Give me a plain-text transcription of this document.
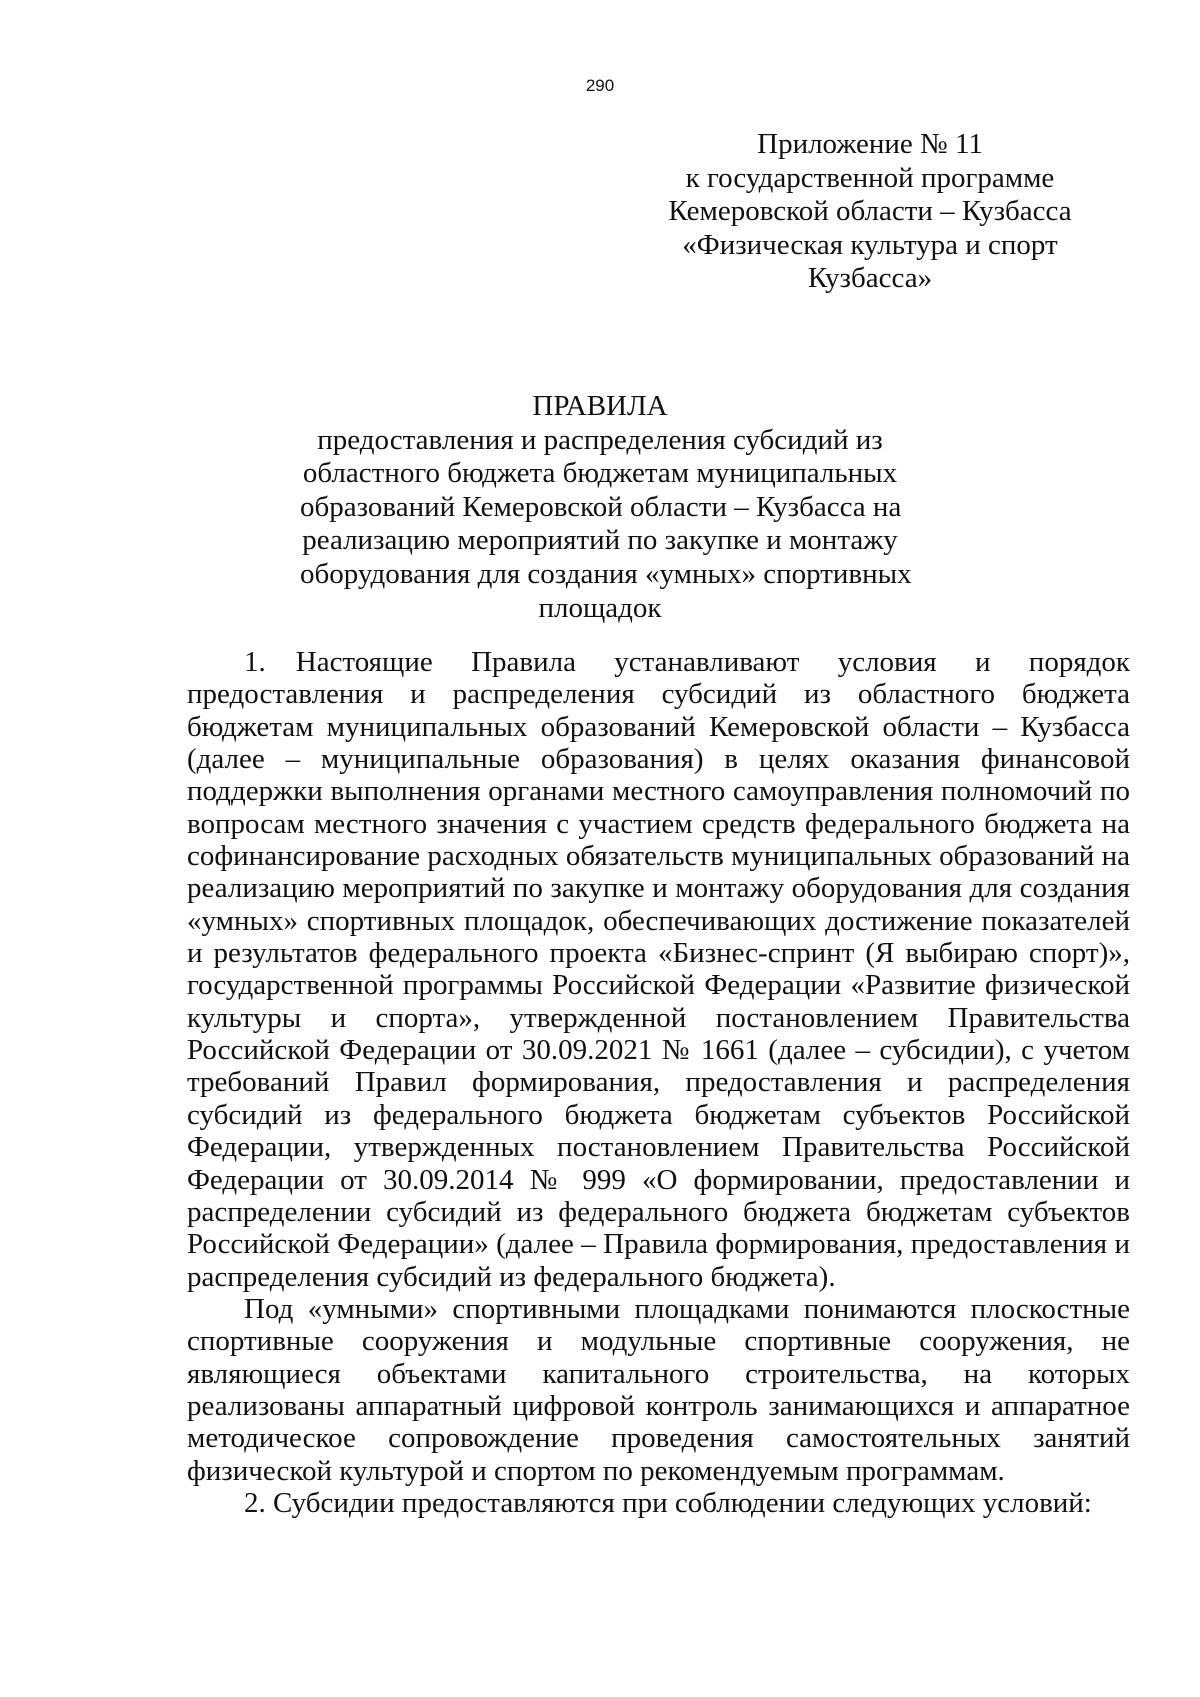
290
Приложение № 11
к государственной программе
Кемеровской области – Кузбасса
«Физическая культура и спорт
Кузбасса»
ПРАВИЛА
предоставления и распределения субсидий из
областного бюджета бюджетам муниципальных
образований Кемеровской области – Кузбасса на
реализацию мероприятий по закупке и монтажу
оборудования для создания «умных» спортивных
площадок

1. Настоящие Правила устанавливают условия и порядок предоставления и распределения субсидий из областного бюджета бюджетам муниципальных образований Кемеровской области – Кузбасса (далее – муниципальные образования) в целях оказания финансовой поддержки выполнения органами местного самоуправления полномочий по вопросам местного значения с участием средств федерального бюджета на софинансирование расходных обязательств муниципальных образований на реализацию мероприятий по закупке и монтажу оборудования для создания «умных» спортивных площадок, обеспечивающих достижение показателей и результатов федерального проекта «Бизнес-спринт (Я выбираю спорт)», государственной программы Российской Федерации «Развитие физической культуры и спорта», утвержденной постановлением Правительства Российской Федерации от 30.09.2021 № 1661 (далее – субсидии), с учетом требований Правил формирования, предоставления и распределения субсидий из федерального бюджета бюджетам субъектов Российской Федерации, утвержденных постановлением Правительства Российской Федерации от 30.09.2014 № 999 «О формировании, предоставлении и распределении субсидий из федерального бюджета бюджетам субъектов Российской Федерации» (далее – Правила формирования, предоставления и распределения субсидий из федерального бюджета).

Под «умными» спортивными площадками понимаются плоскостные спортивные сооружения и модульные спортивные сооружения, не являющиеся объектами капитального строительства, на которых реализованы аппаратный цифровой контроль занимающихся и аппаратное методическое сопровождение проведения самостоятельных занятий физической культурой и спортом по рекомендуемым программам.

2. Субсидии предоставляются при соблюдении следующих условий:
